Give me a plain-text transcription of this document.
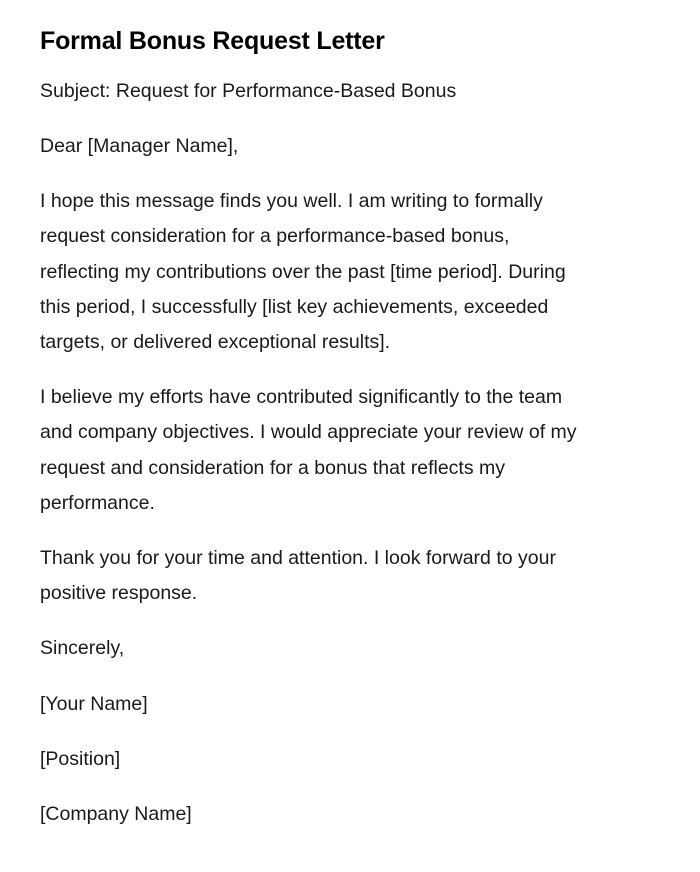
Formal Bonus Request Letter

Subject: Request for Performance-Based Bonus

Dear [Manager Name],

I hope this message finds you well. I am writing to formally
request consideration for a performance-based bonus,
reflecting my contributions over the past [time period]. During
this period, I successfully [list key achievements, exceeded
targets, or delivered exceptional results].

I believe my efforts have contributed significantly to the team
and company objectives. I would appreciate your review of my
request and consideration for a bonus that reflects my
performance.

Thank you for your time and attention. I look forward to your
positive response.

Sincerely,

[Your Name]

[Position]

[Company Name]
